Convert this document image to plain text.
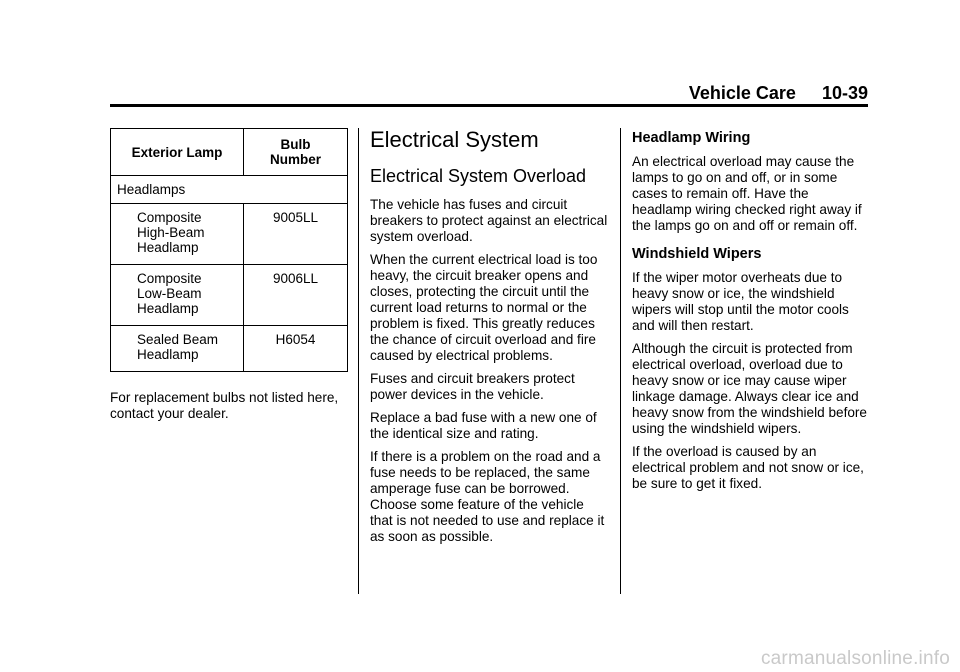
Vehicle Care 10-39
Exterior Lamp	Bulb
Number

Headlamps	

Composite
High-Beam
Headlamp	9005LL

Composite
Low-Beam
Headlamp	9006LL

Sealed Beam
Headlamp	H6054

For replacement bulbs not listed here, contact your dealer.

Electrical System
Electrical System Overload

The vehicle has fuses and circuit breakers to protect against an electrical system overload.

When the current electrical load is too heavy, the circuit breaker opens and closes, protecting the circuit until the current load returns to normal or the problem is fixed. This greatly reduces the chance of circuit overload and fire caused by electrical problems.

Fuses and circuit breakers protect power devices in the vehicle.

Replace a bad fuse with a new one of the identical size and rating.

If there is a problem on the road and a fuse needs to be replaced, the same amperage fuse can be borrowed. Choose some feature of the vehicle that is not needed to use and replace it as soon as possible.

Headlamp Wiring

An electrical overload may cause the lamps to go on and off, or in some cases to remain off. Have the headlamp wiring checked right away if the lamps go on and off or remain off.

Windshield Wipers

If the wiper motor overheats due to heavy snow or ice, the windshield wipers will stop until the motor cools and will then restart.

Although the circuit is protected from electrical overload, overload due to heavy snow or ice may cause wiper linkage damage. Always clear ice and heavy snow from the windshield before using the windshield wipers.

If the overload is caused by an electrical problem and not snow or ice, be sure to get it fixed.

carmanualsonline.info
